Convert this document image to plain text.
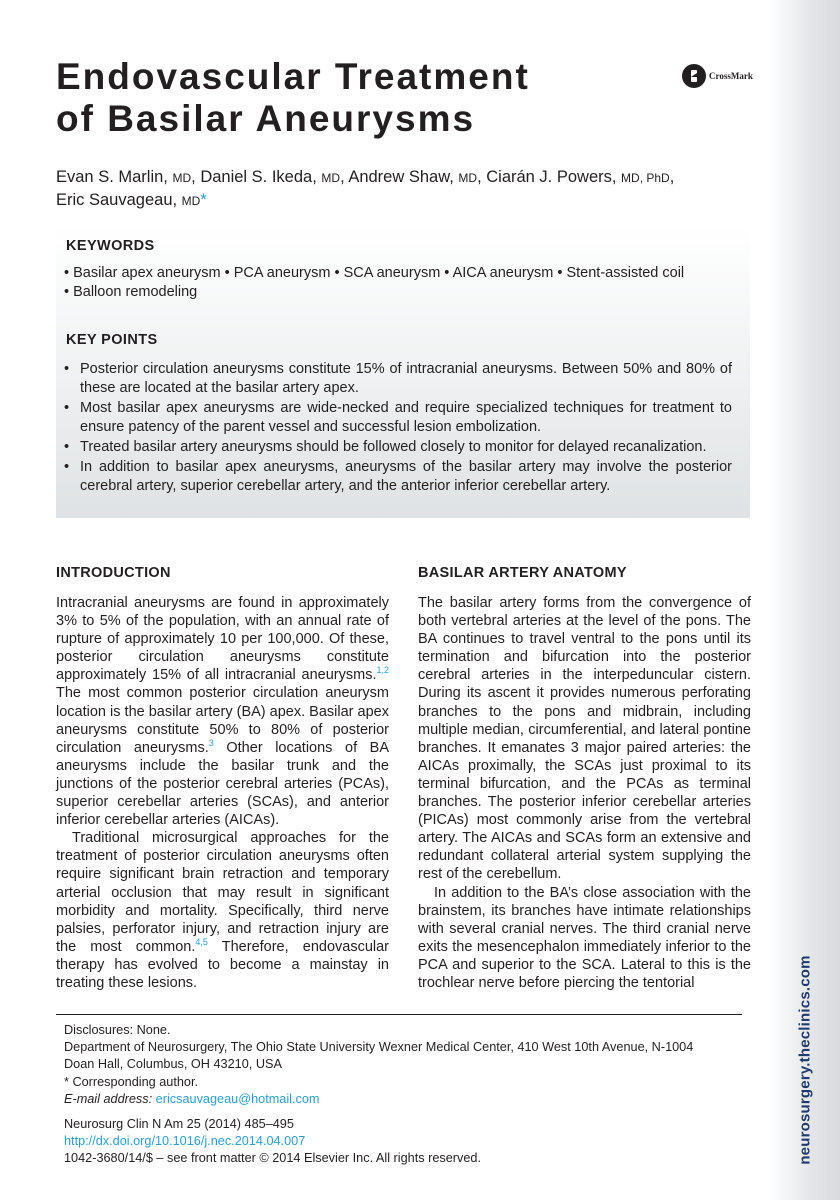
neurosurgery.theclinics.com
Endovascular Treatment
of Basilar Aneurysms
CrossMark
Evan S. Marlin, MD, Daniel S. Ikeda, MD, Andrew Shaw, MD, Ciarán J. Powers, MD, PhD,
Eric Sauvageau, MD*
KEYWORDS
• Basilar apex aneurysm • PCA aneurysm • SCA aneurysm • AICA aneurysm • Stent-assisted coil
• Balloon remodeling
KEY POINTS
• Posterior circulation aneurysms constitute 15% of intracranial aneurysms. Between 50% and 80% of these are located at the basilar artery apex.
• Most basilar apex aneurysms are wide-necked and require specialized techniques for treatment to ensure patency of the parent vessel and successful lesion embolization.
• Treated basilar artery aneurysms should be followed closely to monitor for delayed recanalization.
• In addition to basilar apex aneurysms, aneurysms of the basilar artery may involve the posterior cerebral artery, superior cerebellar artery, and the anterior inferior cerebellar artery.
INTRODUCTION

Intracranial aneurysms are found in approximately 3% to 5% of the population, with an annual rate of rupture of approximately 10 per 100,000. Of these, posterior circulation aneurysms constitute approximately 15% of all intracranial aneurysms.$^{1,2}$ The most common posterior circulation aneurysm location is the basilar artery (BA) apex. Basilar apex aneurysms constitute 50% to 80% of posterior circulation aneurysms.$^3$ Other locations of BA aneurysms include the basilar trunk and the junctions of the posterior cerebral arteries (PCAs), superior cerebellar arteries (SCAs), and anterior inferior cerebellar arteries (AICAs).

Traditional microsurgical approaches for the treatment of posterior circulation aneurysms often require significant brain retraction and temporary arterial occlusion that may result in significant morbidity and mortality. Specifically, third nerve palsies, perforator injury, and retraction injury are the most common.$^{4,5}$ Therefore, endovascular therapy has evolved to become a mainstay in treating these lesions.

BASILAR ARTERY ANATOMY

The basilar artery forms from the convergence of both vertebral arteries at the level of the pons. The BA continues to travel ventral to the pons until its termination and bifurcation into the posterior cerebral arteries in the interpeduncular cistern. During its ascent it provides numerous perforating branches to the pons and midbrain, including multiple median, circumferential, and lateral pontine branches. It emanates 3 major paired arteries: the AICAs proximally, the SCAs just proximal to its terminal bifurcation, and the PCAs as terminal branches. The posterior inferior cerebellar arteries (PICAs) most commonly arise from the vertebral artery. The AICAs and SCAs form an extensive and redundant collateral arterial system supplying the rest of the cerebellum.

In addition to the BA’s close association with the brainstem, its branches have intimate relationships with several cranial nerves. The third cranial nerve exits the mesencephalon immediately inferior to the PCA and superior to the SCA. Lateral to this is the trochlear nerve before piercing the tentorial

Disclosures: None.
Department of Neurosurgery, The Ohio State University Wexner Medical Center, 410 West 10th Avenue, N-1004
Doan Hall, Columbus, OH 43210, USA
* Corresponding author.
E-mail address: ericsauvageau@hotmail.com
Neurosurg Clin N Am 25 (2014) 485–495
http://dx.doi.org/10.1016/j.nec.2014.04.007
1042-3680/14/$ – see front matter © 2014 Elsevier Inc. All rights reserved.
